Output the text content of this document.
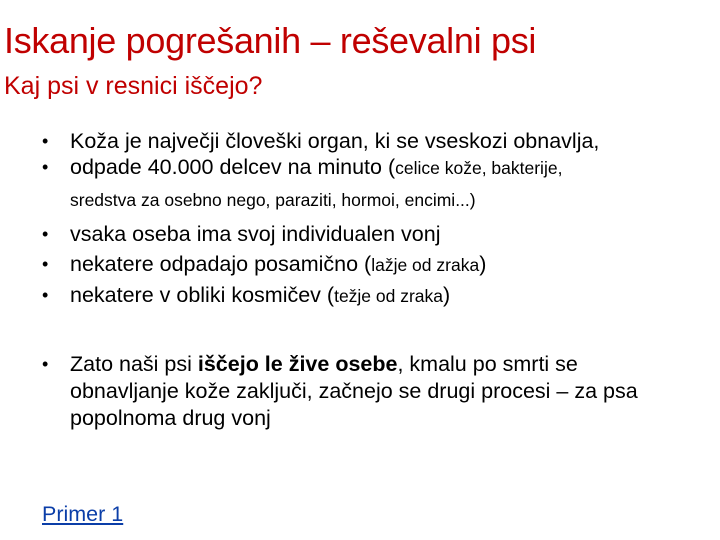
Iskanje pogrešanih – reševalni psi
Kaj psi v resnici iščejo?
• Koža je največji človeški organ, ki se vseskozi obnavlja,
• odpade 40.000 delcev na minuto (celice kože, bakterije,
sredstva za osebno nego, paraziti, hormoi, encimi...)
• vsaka oseba ima svoj individualen vonj
• nekatere odpadajo posamično (lažje od zraka)
• nekatere v obliki kosmičev (težje od zraka)
• Zato naši psi iščejo le žive osebe, kmalu po smrti se obnavljanje kože zaključi, začnejo se drugi procesi – za psa popolnoma drug vonj
Primer 1
